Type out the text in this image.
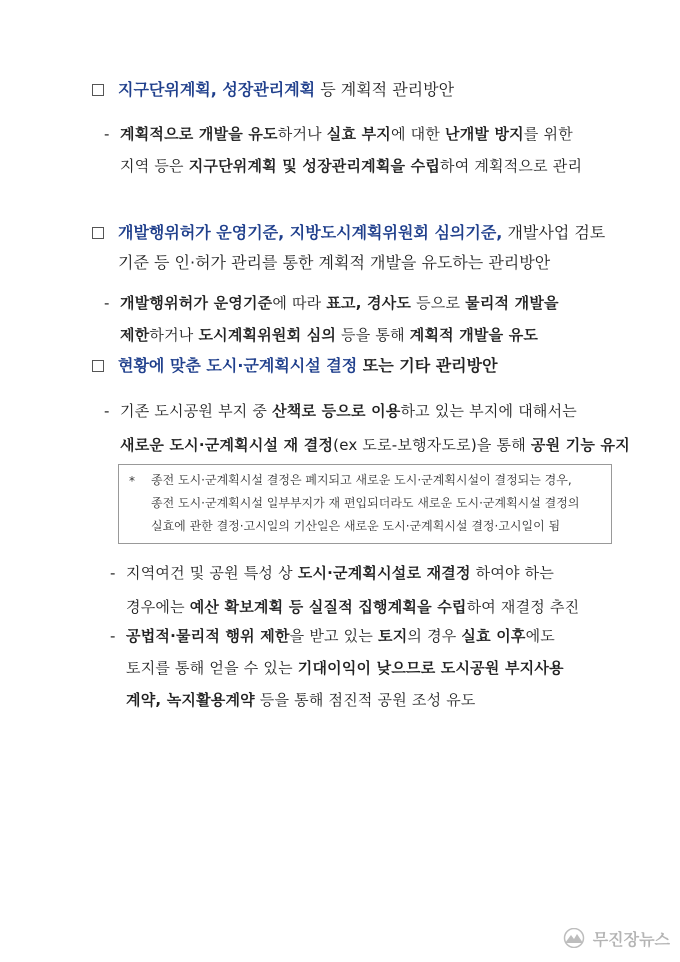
지구단위계획, 성장관리계획 등 계획적 관리방안
- 계획적으로 개발을 유도하거나 실효 부지에 대한 난개발 방지를 위한
지역 등은 지구단위계획 및 성장관리계획을 수립하여 계획적으로 관리
개발행위허가 운영기준, 지방도시계획위원회 심의기준, 개발사업 검토
기준 등 인·허가 관리를 통한 계획적 개발을 유도하는 관리방안
- 개발행위허가 운영기준에 따라 표고, 경사도 등으로 물리적 개발을
제한하거나 도시계획위원회 심의 등을 통해 계획적 개발을 유도
현황에 맞춘 도시·군계획시설 결정 또는 기타 관리방안
- 기존 도시공원 부지 중 산책로 등으로 이용하고 있는 부지에 대해서는
새로운 도시·군계획시설 재 결정(ex 도로-보행자도로)을 통해 공원 기능 유지
* 종전 도시·군계획시설 결정은 폐지되고 새로운 도시·군계획시설이 결정되는 경우,
종전 도시·군계획시설 일부부지가 재 편입되더라도 새로운 도시·군계획시설 결정의
실효에 관한 결정·고시일의 기산일은 새로운 도시·군계획시설 결정·고시일이 됨
- 지역여건 및 공원 특성 상 도시·군계획시설로 재결정 하여야 하는
경우에는 예산 확보계획 등 실질적 집행계획을 수립하여 재결정 추진
- 공법적·물리적 행위 제한을 받고 있는 토지의 경우 실효 이후에도
토지를 통해 얻을 수 있는 기대이익이 낮으므로 도시공원 부지사용
계약, 녹지활용계약 등을 통해 점진적 공원 조성 유도
무진장뉴스
